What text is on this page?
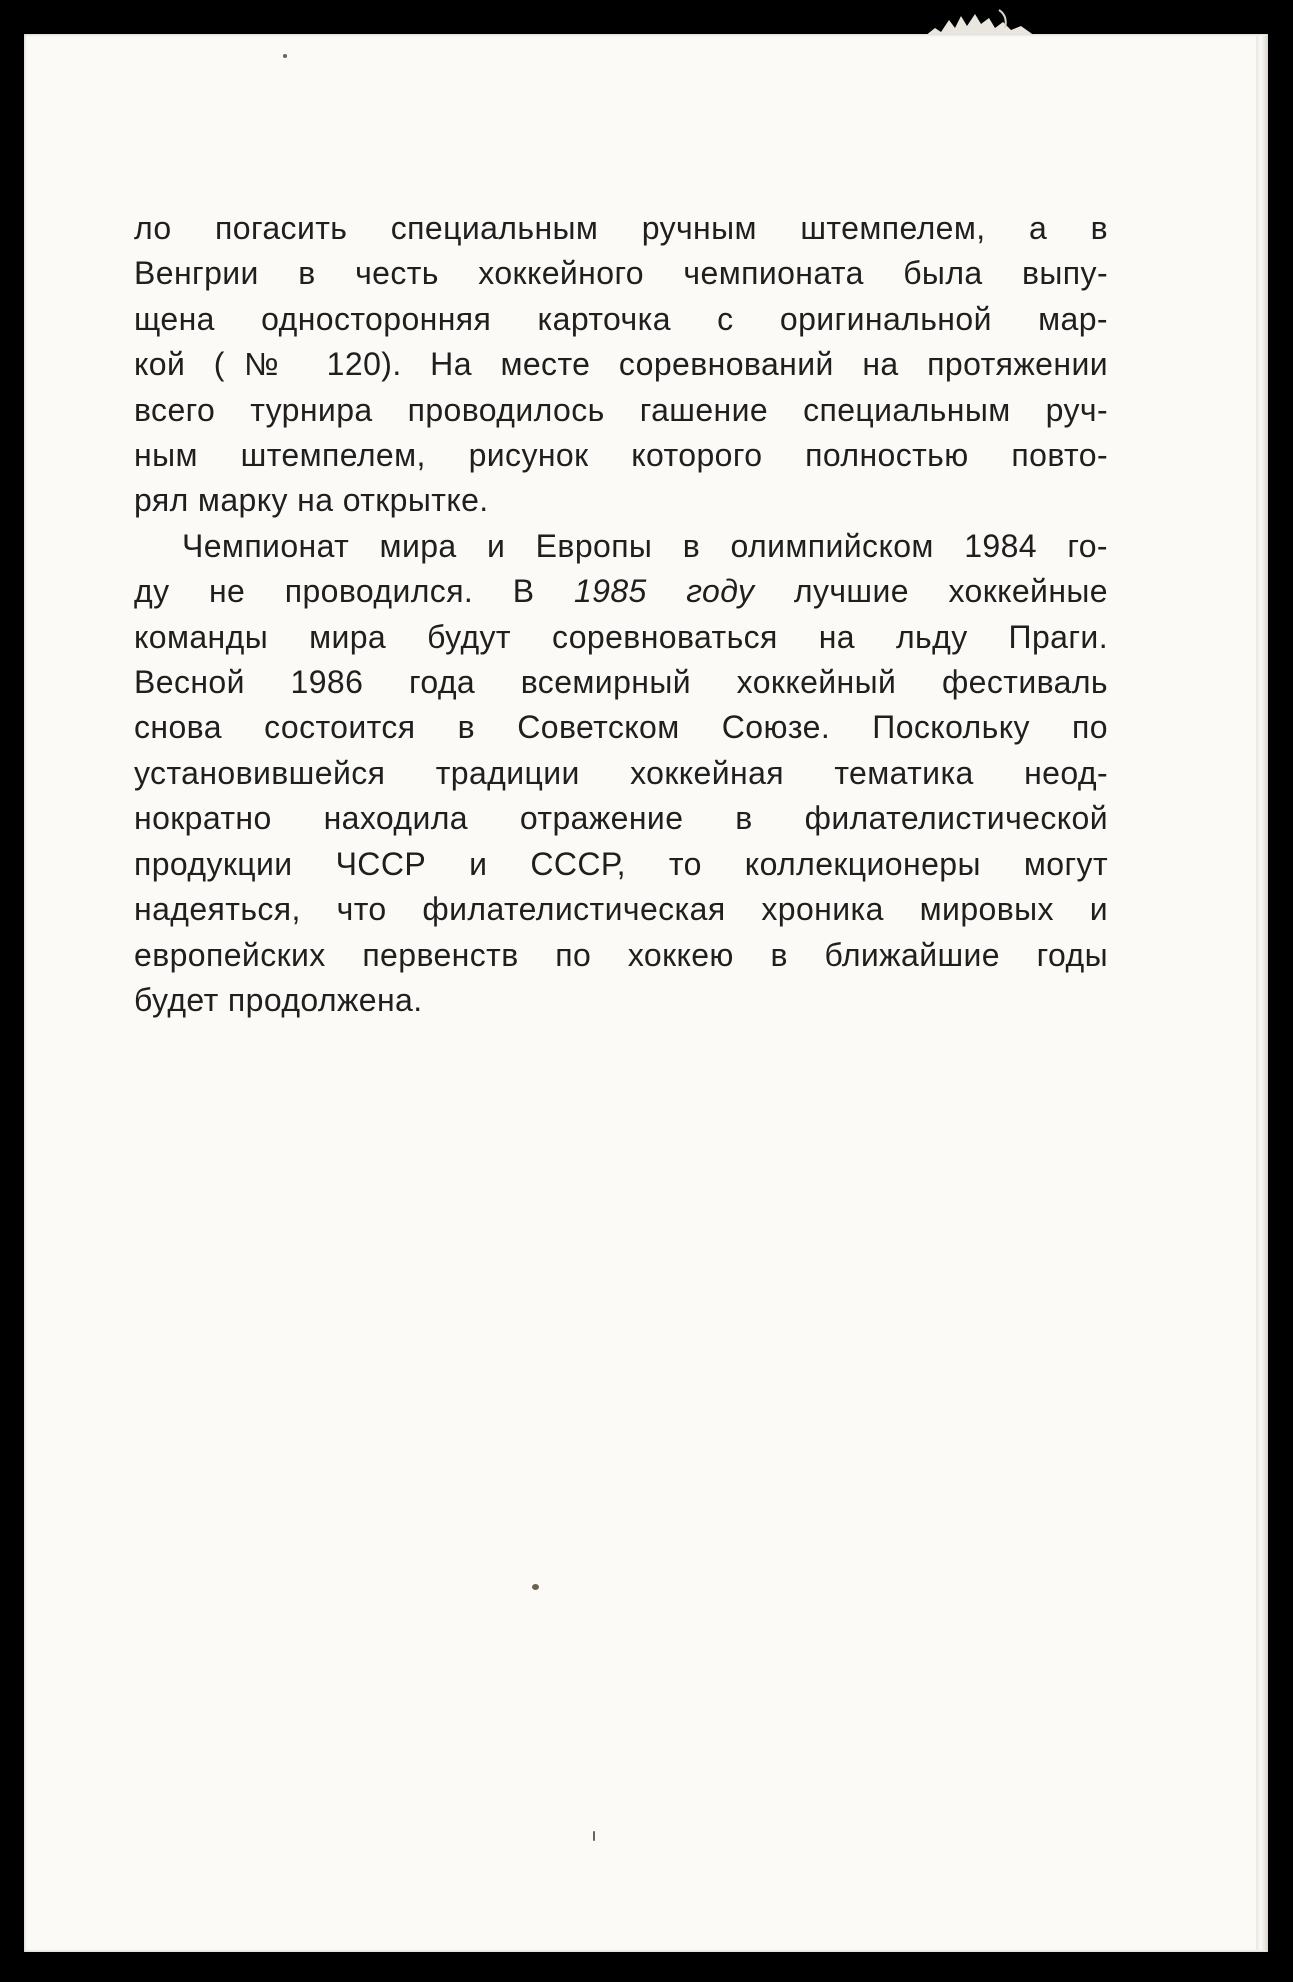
ло погасить специальным ручным штемпелем, а в
Венгрии в честь хоккейного чемпионата была выпу-
щена односторонняя карточка с оригинальной мар-
кой (№ 120). На месте соревнований на протяжении
всего турнира проводилось гашение специальным руч-
ным штемпелем, рисунок которого полностью повто-
рял марку на открытке.
Чемпионат мира и Европы в олимпийском 1984 го-
ду не проводился. В 1985 году лучшие хоккейные
команды мира будут соревноваться на льду Праги.
Весной 1986 года всемирный хоккейный фестиваль
снова состоится в Советском Союзе. Поскольку по
установившейся традиции хоккейная тематика неод-
нократно находила отражение в филателистической
продукции ЧССР и СССР, то коллекционеры могут
надеяться, что филателистическая хроника мировых и
европейских первенств по хоккею в ближайшие годы
будет продолжена.
